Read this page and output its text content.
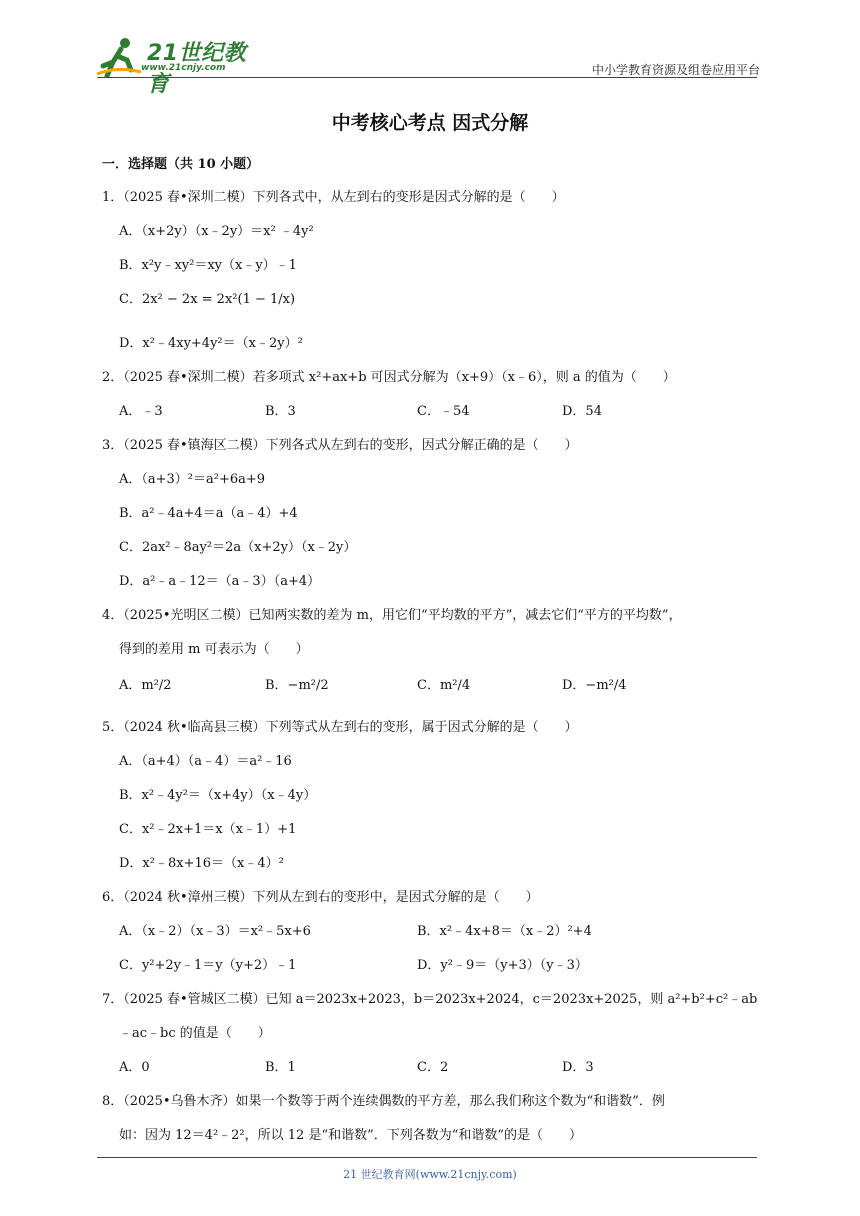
21世纪教育
www.21cnjy.com	中小学教育资源及组卷应用平台
中考核心考点 因式分解
一．选择题（共 10 小题）
1．（2025 春•深圳二模）下列各式中，从左到右的变形是因式分解的是（　　）
A．（x+2y）（x﹣2y）＝x² ﹣4y²
B．x²y﹣xy²＝xy（x﹣y）﹣1
C．2x² − 2x = 2x²(1 − 1/x)
D．x²﹣4xy+4y²＝（x﹣2y）²
2．（2025 春•深圳二模）若多项式 x²+ax+b 可因式分解为（x+9）（x﹣6），则 a 的值为（　　）
A．﹣3	B．3	C．﹣54	D．54
3．（2025 春•镇海区二模）下列各式从左到右的变形，因式分解正确的是（　　）
A．（a+3）²＝a²+6a+9
B．a²﹣4a+4＝a（a﹣4）+4
C．2ax²﹣8ay²＝2a（x+2y）（x﹣2y）
D．a²﹣a﹣12＝（a﹣3）（a+4）
4．（2025•光明区二模）已知两实数的差为 m，用它们“平均数的平方”，减去它们“平方的平均数”，
得到的差用 m 可表示为（　　）
A．m²/2	B．−m²/2	C．m²/4	D．−m²/4
5．（2024 秋•临高县三模）下列等式从左到右的变形，属于因式分解的是（　　）
A．（a+4）（a﹣4）＝a²﹣16
B．x²﹣4y²＝（x+4y）（x﹣4y）
C．x²﹣2x+1＝x（x﹣1）+1
D．x²﹣8x+16＝（x﹣4）²
6．（2024 秋•漳州三模）下列从左到右的变形中，是因式分解的是（　　）
A．（x﹣2）（x﹣3）＝x²﹣5x+6	B．x²﹣4x+8＝（x﹣2）²+4
C．y²+2y﹣1＝y（y+2）﹣1	D．y²﹣9＝（y+3）（y﹣3）
7．（2025 春•管城区二模）已知 a＝2023x+2023，b＝2023x+2024，c＝2023x+2025，则 a²+b²+c²﹣ab
﹣ac﹣bc 的值是（　　）
A．0	B．1	C．2	D．3
8．（2025•乌鲁木齐）如果一个数等于两个连续偶数的平方差，那么我们称这个数为“和谐数”．例
如：因为 12＝4²﹣2²，所以 12 是“和谐数”．下列各数为“和谐数”的是（　　）
21 世纪教育网(www.21cnjy.com)
